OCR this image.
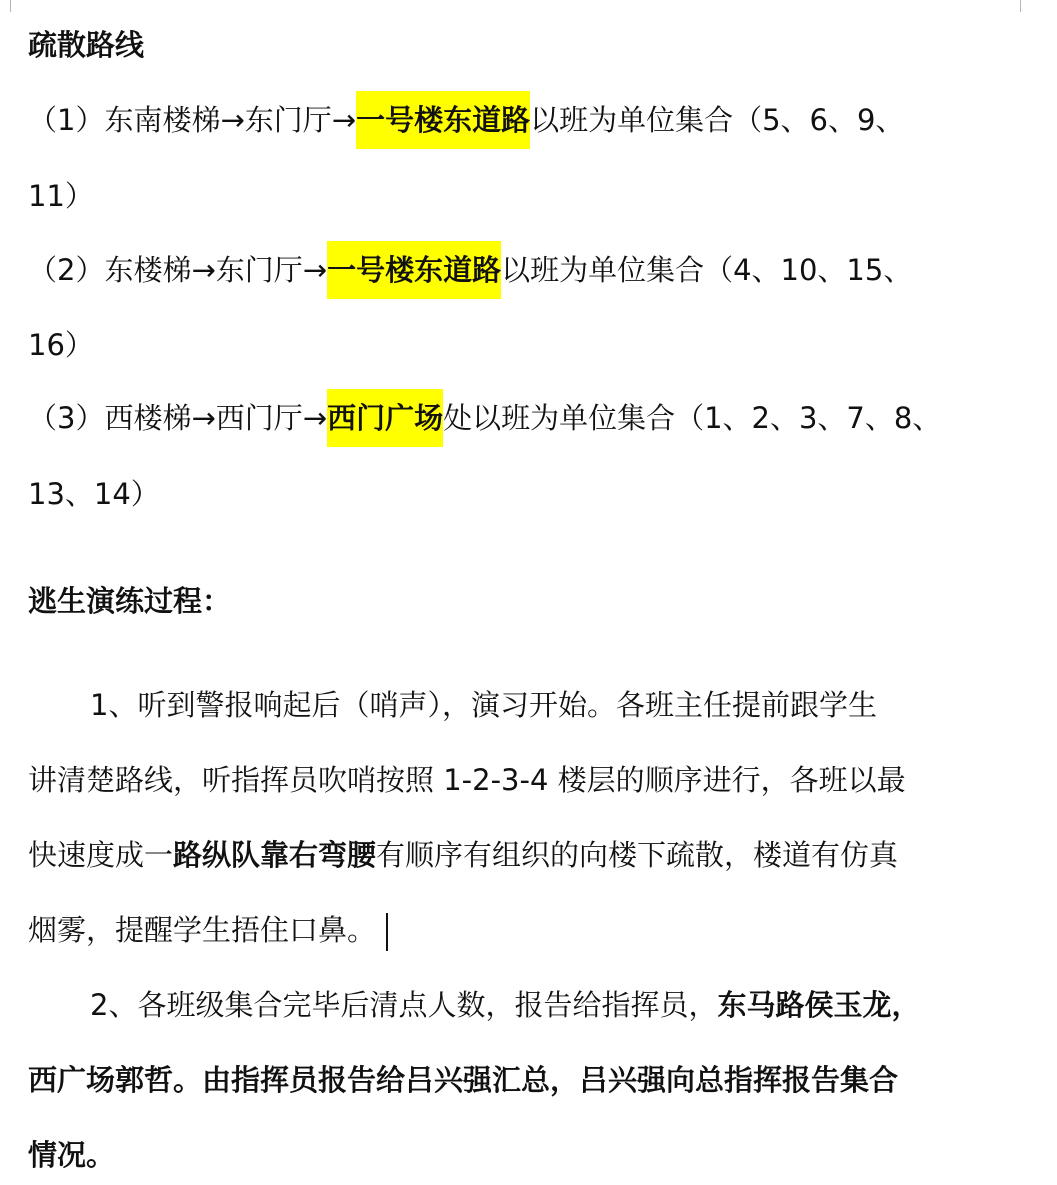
疏散路线
（1）东南楼梯→东门厅→一号楼东道路以班为单位集合（5、6、9、
11）
（2）东楼梯→东门厅→一号楼东道路以班为单位集合（4、10、15、
16）
（3）西楼梯→西门厅→西门广场处以班为单位集合（1、2、3、7、8、
13、14）
逃生演练过程：
1、听到警报响起后（哨声），演习开始。各班主任提前跟学生
讲清楚路线，听指挥员吹哨按照 1-2-3-4 楼层的顺序进行，各班以最
快速度成一路纵队靠右弯腰有顺序有组织的向楼下疏散，楼道有仿真
烟雾，提醒学生捂住口鼻。
2、各班级集合完毕后清点人数，报告给指挥员，东马路侯玉龙，
西广场郭哲。由指挥员报告给吕兴强汇总，吕兴强向总指挥报告集合
情况。
